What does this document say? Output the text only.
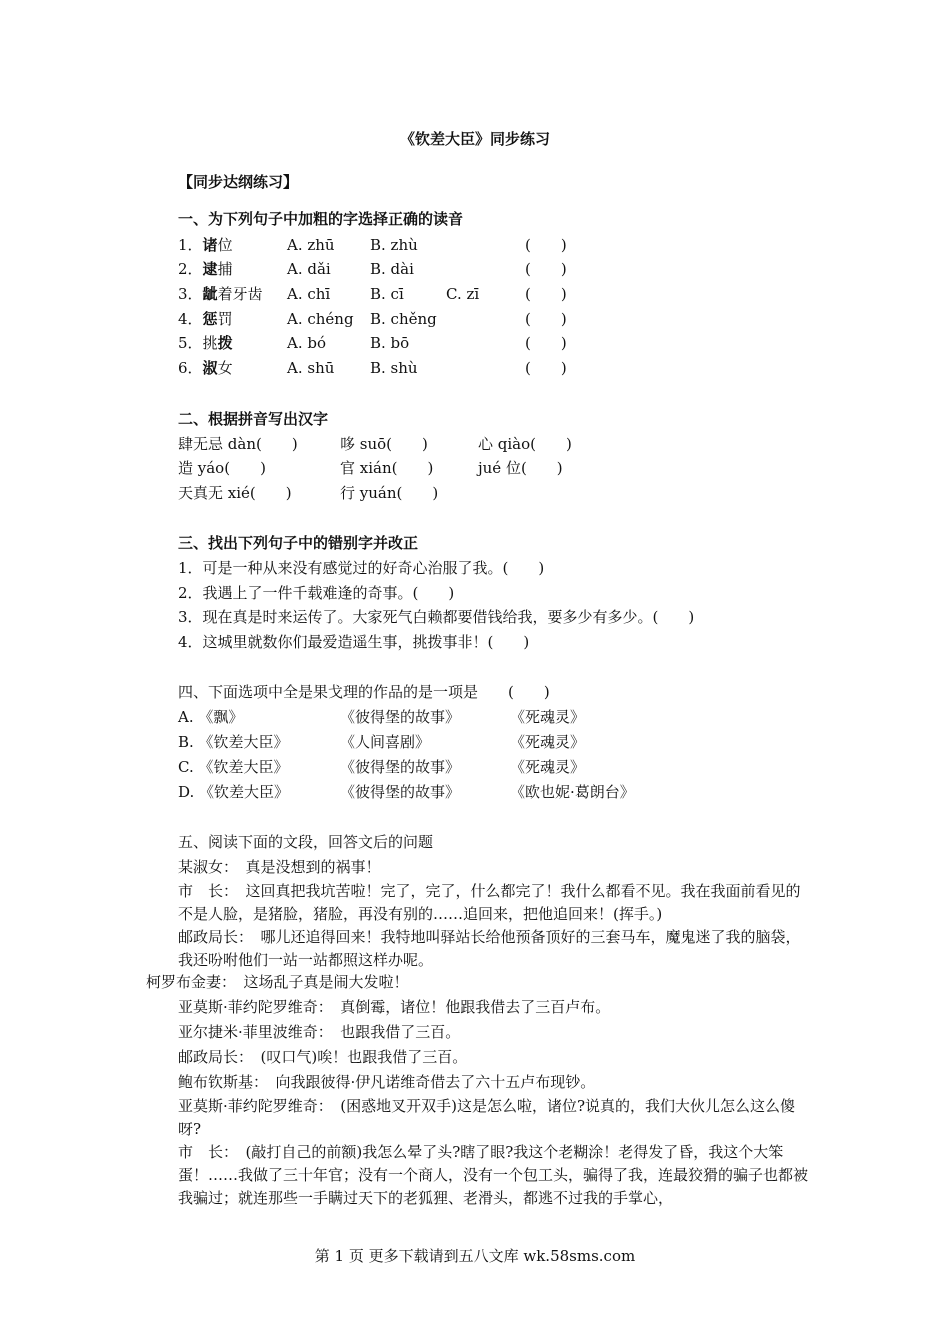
《钦差大臣》同步练习
【同步达纲练习】
一、为下列句子中加粗的字选择正确的读音
1．诸位	A. zhū B. zhù	(　　)
2．逮捕	A. dǎi	B. dài	(　　)
3．龇着牙齿 A. chī	B. cī	C. zī	(　　)
4．惩罚	A. chéng B. chěng	(　　)
5．挑拨	A. bó	B. bō	(　　)
6．淑女	A. shū B. shù	(　　)
二、根据拼音写出汉字
肆无忌 dàn(　　)	哆 suō(　　)	心 qiào(　　)
造 yáo(　　)	官 xián(　　)	jué 位(　　)
天真无 xié(　　)	行 yuán(　　)
三、找出下列句子中的错别字并改正
1．可是一种从来没有感觉过的好奇心治服了我。(　　)
2．我遇上了一件千载难逢的奇事。(　　)
3．现在真是时来运传了。大家死气白赖都要借钱给我，要多少有多少。(　　)
4．这城里就数你们最爱造遥生事，挑拨事非！(　　)
四、下面选项中全是果戈理的作品的是一项是　　(　　)
A. 《飘》	《彼得堡的故事》	《死魂灵》
B. 《钦差大臣》	《人间喜剧》	《死魂灵》
C. 《钦差大臣》	《彼得堡的故事》	《死魂灵》
D. 《钦差大臣》	《彼得堡的故事》	《欧也妮·葛朗台》
五、阅读下面的文段，回答文后的问题
某淑女：　真是没想到的祸事！
市　长：　这回真把我坑苦啦！完了，完了，什么都完了！我什么都看不见。我在我面前看见的不是人脸，是猪脸，猪脸，再没有别的……追回来，把他追回来！(挥手。)
邮政局长：　哪儿还追得回来！我特地叫驿站长给他预备顶好的三套马车，魔鬼迷了我的脑袋，我还吩咐他们一站一站都照这样办呢。
柯罗布金妻：　这场乱子真是闹大发啦！
亚莫斯·菲约陀罗维奇：　真倒霉，诸位！他跟我借去了三百卢布。
亚尔捷米·菲里波维奇：　也跟我借了三百。
邮政局长：　(叹口气)唉！也跟我借了三百。
鲍布钦斯基：　向我跟彼得·伊凡诺维奇借去了六十五卢布现钞。
亚莫斯·菲约陀罗维奇：　(困惑地叉开双手)这是怎么啦，诸位?说真的，我们大伙儿怎么这么傻呀?
市　长：　(敲打自己的前额)我怎么晕了头?瞎了眼?我这个老糊涂！老得发了昏，我这个大笨蛋！……我做了三十年官；没有一个商人，没有一个包工头，骗得了我，连最狡猾的骗子也都被我骗过；就连那些一手瞒过天下的老狐狸、老滑头，都逃不过我的手掌心，
第 1 页 更多下载请到五八文库 wk.58sms.com
